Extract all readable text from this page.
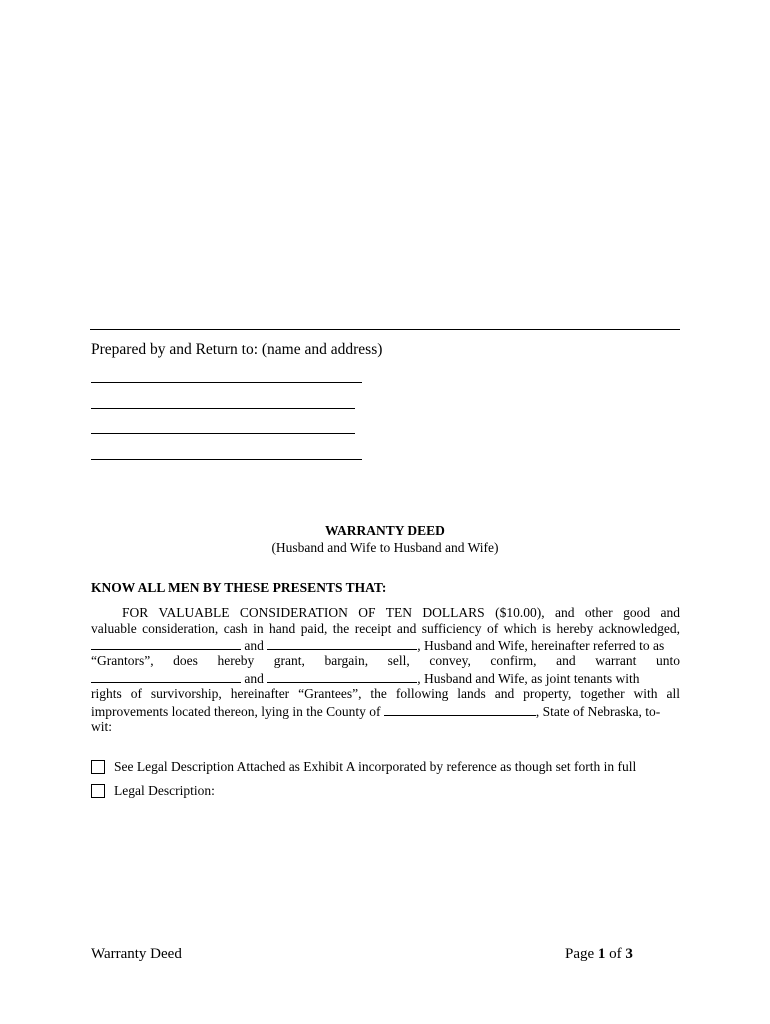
Prepared by and Return to: (name and address)
WARRANTY DEED
(Husband and Wife to Husband and Wife)
KNOW ALL MEN BY THESE PRESENTS THAT:
FOR VALUABLE CONSIDERATION OF TEN DOLLARS ($10.00), and other good and
valuable consideration, cash in hand paid, the receipt and sufficiency of which is hereby acknowledged,
and	, Husband and Wife, hereinafter referred to as
“Grantors”, does hereby grant, bargain, sell, convey, confirm, and warrant unto
and	, Husband and Wife, as joint tenants with
rights of survivorship, hereinafter “Grantees”, the following lands and property, together with all
improvements located thereon, lying in the County of	, State of Nebraska, to-
wit:
See Legal Description Attached as Exhibit A incorporated by reference as though set forth in full
Legal Description:
Warranty Deed	Page 1 of 3
